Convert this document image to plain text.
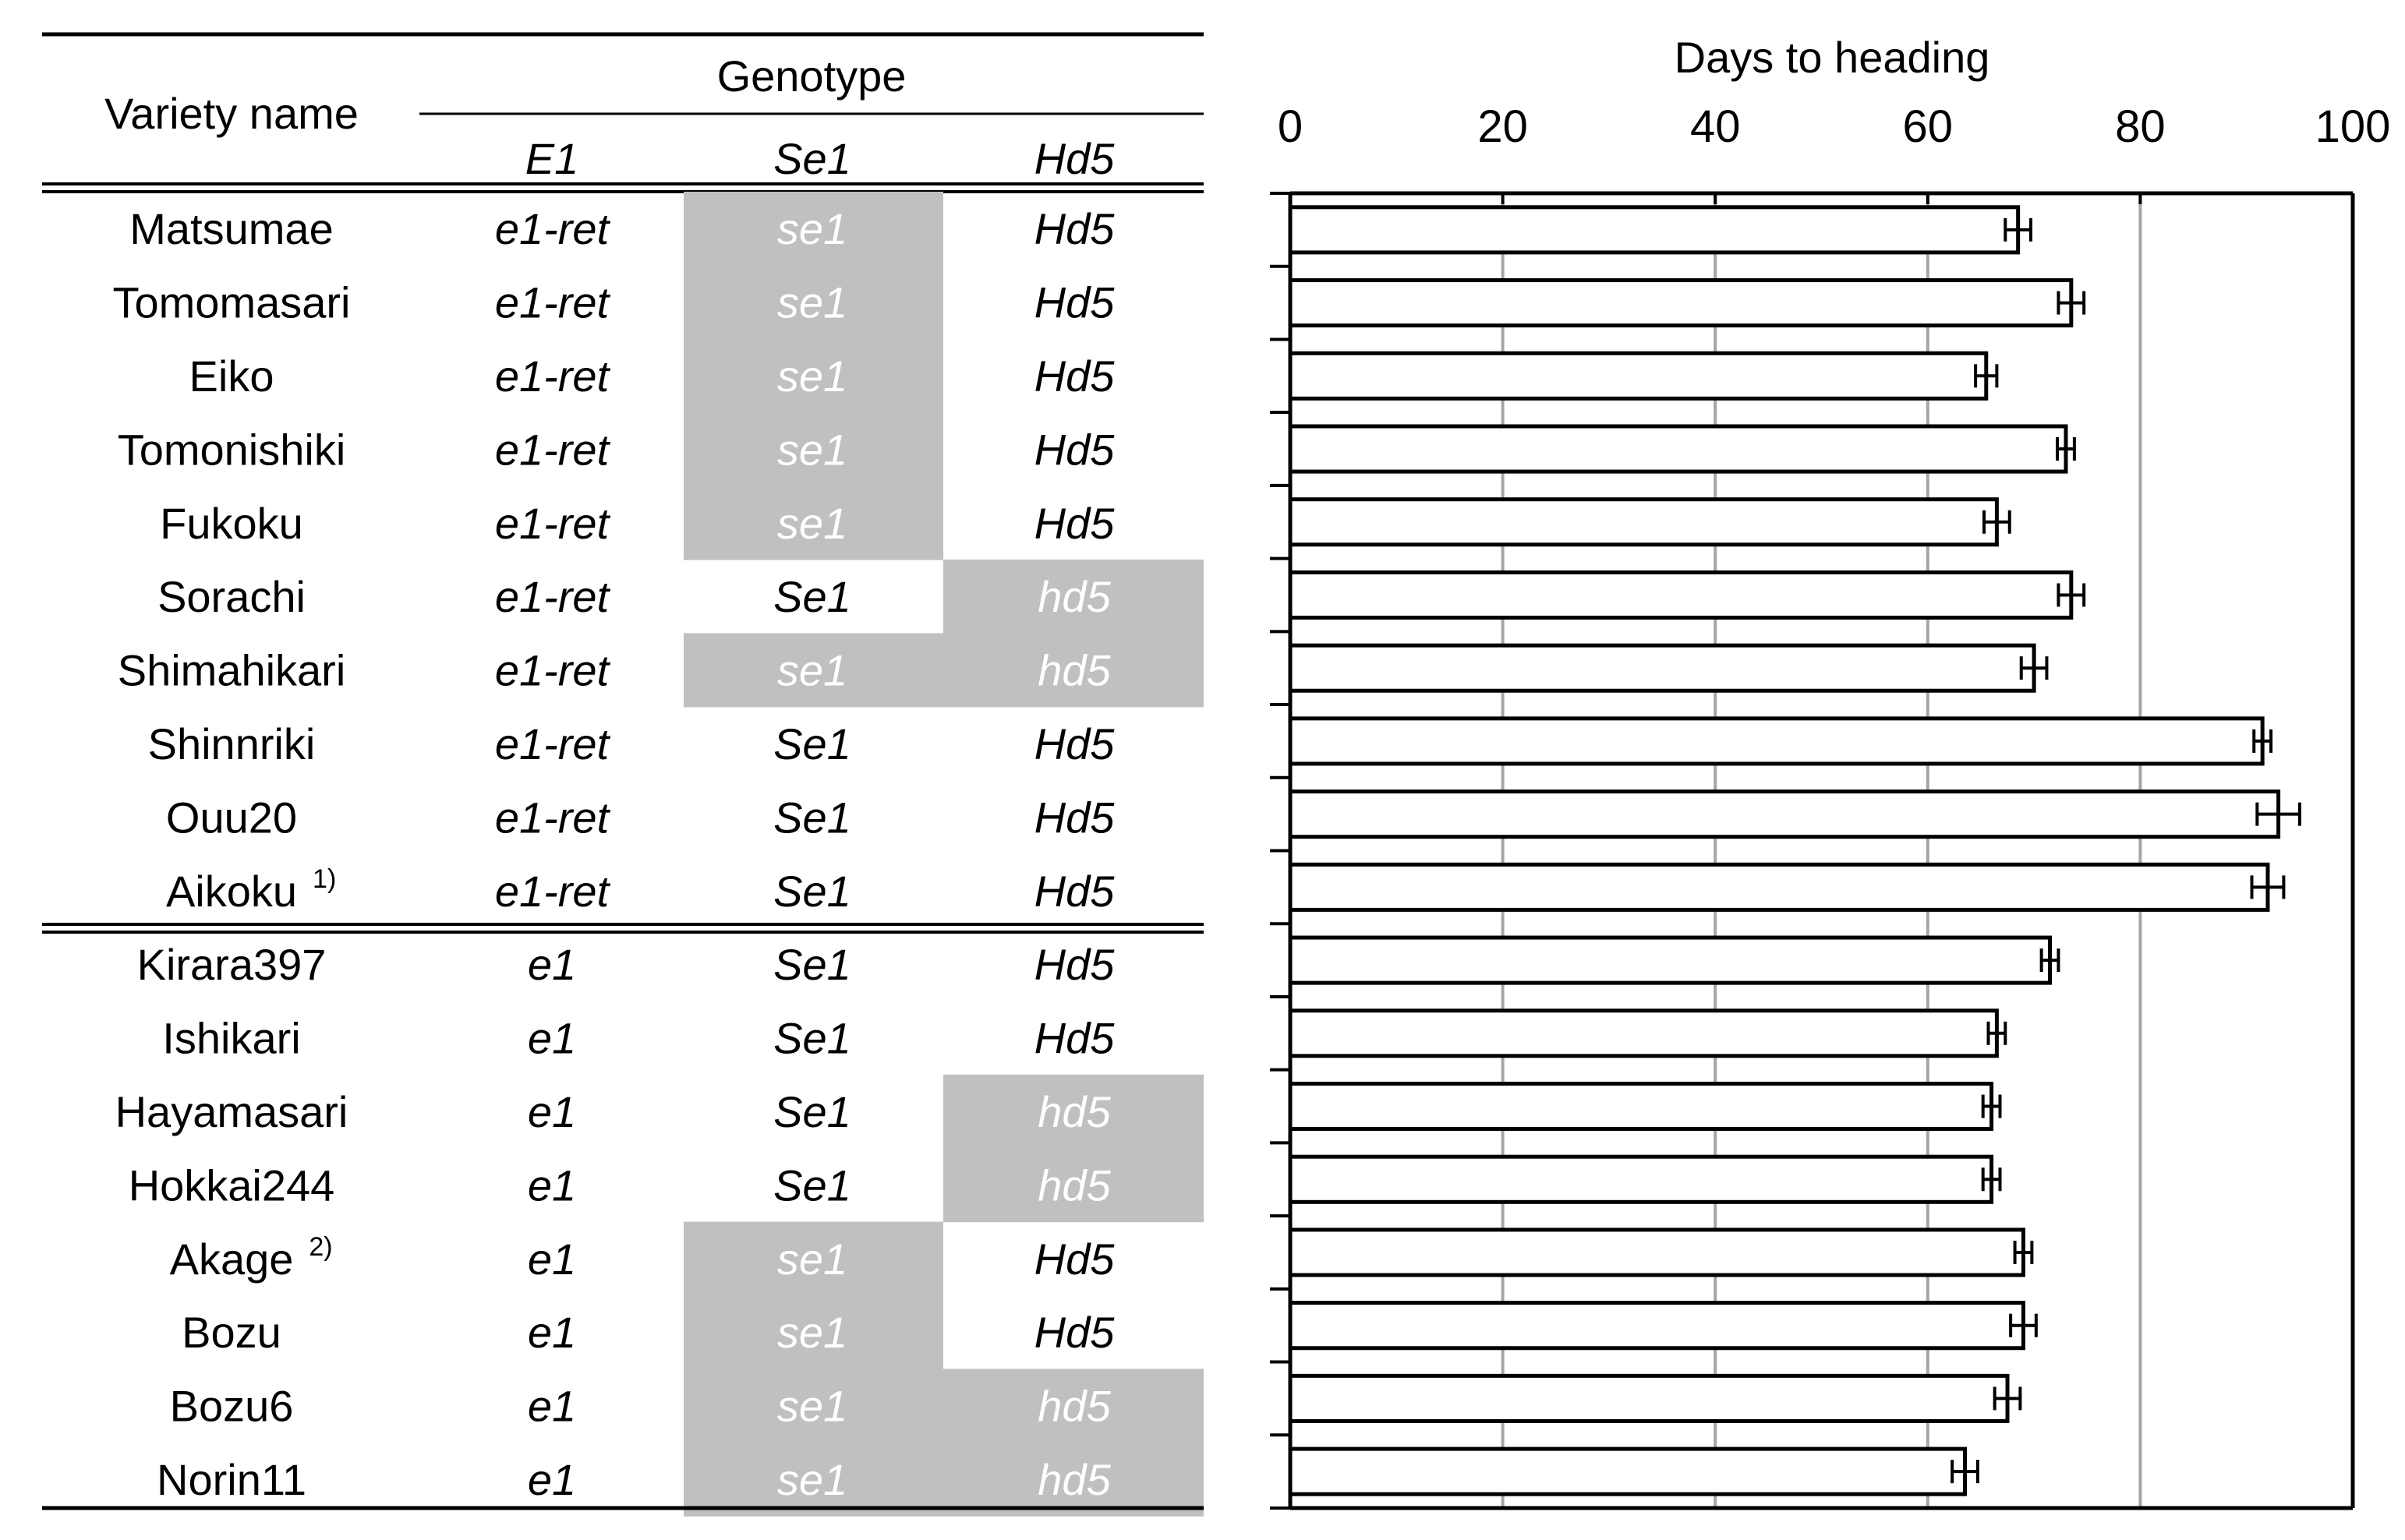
Variety name
Genotype
E1	Se1	Hd5
Matsumae	e1-ret	se1	Hd5
Tomomasari	e1-ret	se1	Hd5
Eiko	e1-ret	se1	Hd5
Tomonishiki	e1-ret	se1	Hd5
Fukoku	e1-ret	se1	Hd5
Sorachi	e1-ret	Se1	hd5
Shimahikari	e1-ret	se1	hd5
Shinnriki	e1-ret	Se1	Hd5
Ouu20	e1-ret	Se1	Hd5
Aikoku 1)	e1-ret	Se1	Hd5
Kirara397	e1	Se1	Hd5
Ishikari	e1	Se1	Hd5
Hayamasari	e1	Se1	hd5
Hokkai244	e1	Se1	hd5
Akage 2)	e1	se1	Hd5
Bozu	e1	se1	Hd5
Bozu6	e1	se1	hd5
Norin11	e1	se1	hd5
Days to heading
0	20	40	60	80	100
